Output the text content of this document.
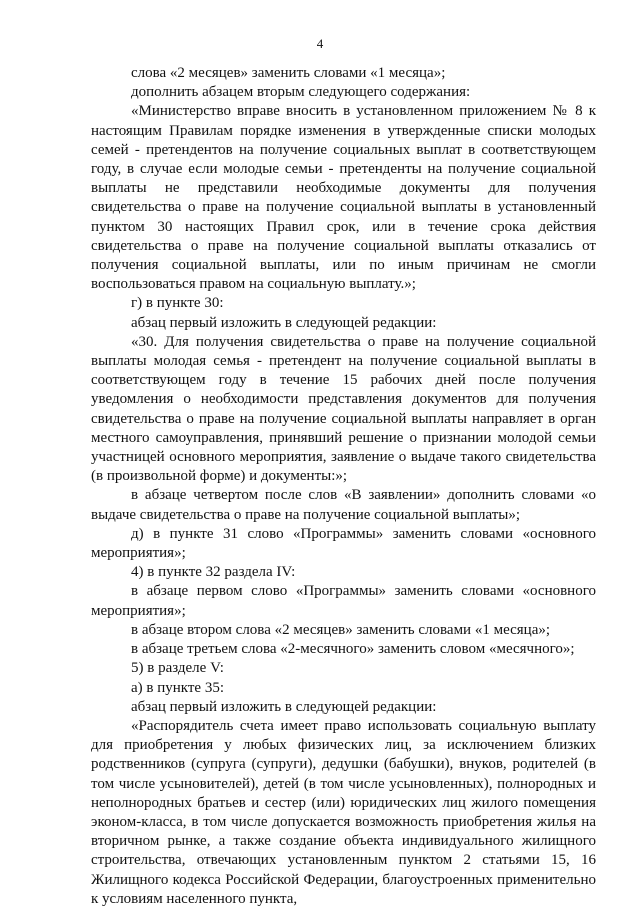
4

слова «2 месяцев» заменить словами «1 месяца»;

дополнить абзацем вторым следующего содержания:

«Министерство вправе вносить в установленном приложением № 8 к настоящим Правилам порядке изменения в утвержденные списки молодых семей - претендентов на получение социальных выплат в соответствующем году, в случае если молодые семьи - претенденты на получение социальной выплаты не представили необходимые документы для получения свидетельства о праве на получение социальной выплаты в установленный пунктом 30 настоящих Правил срок, или в течение срока действия свидетельства о праве на получение социальной выплаты отказались от получения социальной выплаты, или по иным причинам не смогли воспользоваться правом на социальную выплату.»;

г) в пункте 30:

абзац первый изложить в следующей редакции:

«30. Для получения свидетельства о праве на получение социальной выплаты молодая семья - претендент на получение социальной выплаты в соответствующем году в течение 15 рабочих дней после получения уведомления о необходимости представления документов для получения свидетельства о праве на получение социальной выплаты направляет в орган местного самоуправления, принявший решение о признании молодой семьи участницей основного мероприятия, заявление о выдаче такого свидетельства (в произвольной форме) и документы:»;

в абзаце четвертом после слов «В заявлении» дополнить словами «о выдаче свидетельства о праве на получение социальной выплаты»;

д) в пункте 31 слово «Программы» заменить словами «основного мероприятия»;

4) в пункте 32 раздела IV:

в абзаце первом слово «Программы» заменить словами «основного мероприятия»;

в абзаце втором слова «2 месяцев» заменить словами «1 месяца»;

в абзаце третьем слова «2-месячного» заменить словом «месячного»;

5) в разделе V:

а) в пункте 35:

абзац первый изложить в следующей редакции:

«Распорядитель счета имеет право использовать социальную выплату для приобретения у любых физических лиц, за исключением близких родственников (супруга (супруги), дедушки (бабушки), внуков, родителей (в том числе усыновителей), детей (в том числе усыновленных), полнородных и неполнородных братьев и сестер (или) юридических лиц жилого помещения эконом-класса, в том числе допускается возможность приобретения жилья на вторичном рынке, а также создание объекта индивидуального жилищного строительства, отвечающих установленным пунктом 2 статьями 15, 16 Жилищного кодекса Российской Федерации, благоустроенных применительно к условиям населенного пункта,
